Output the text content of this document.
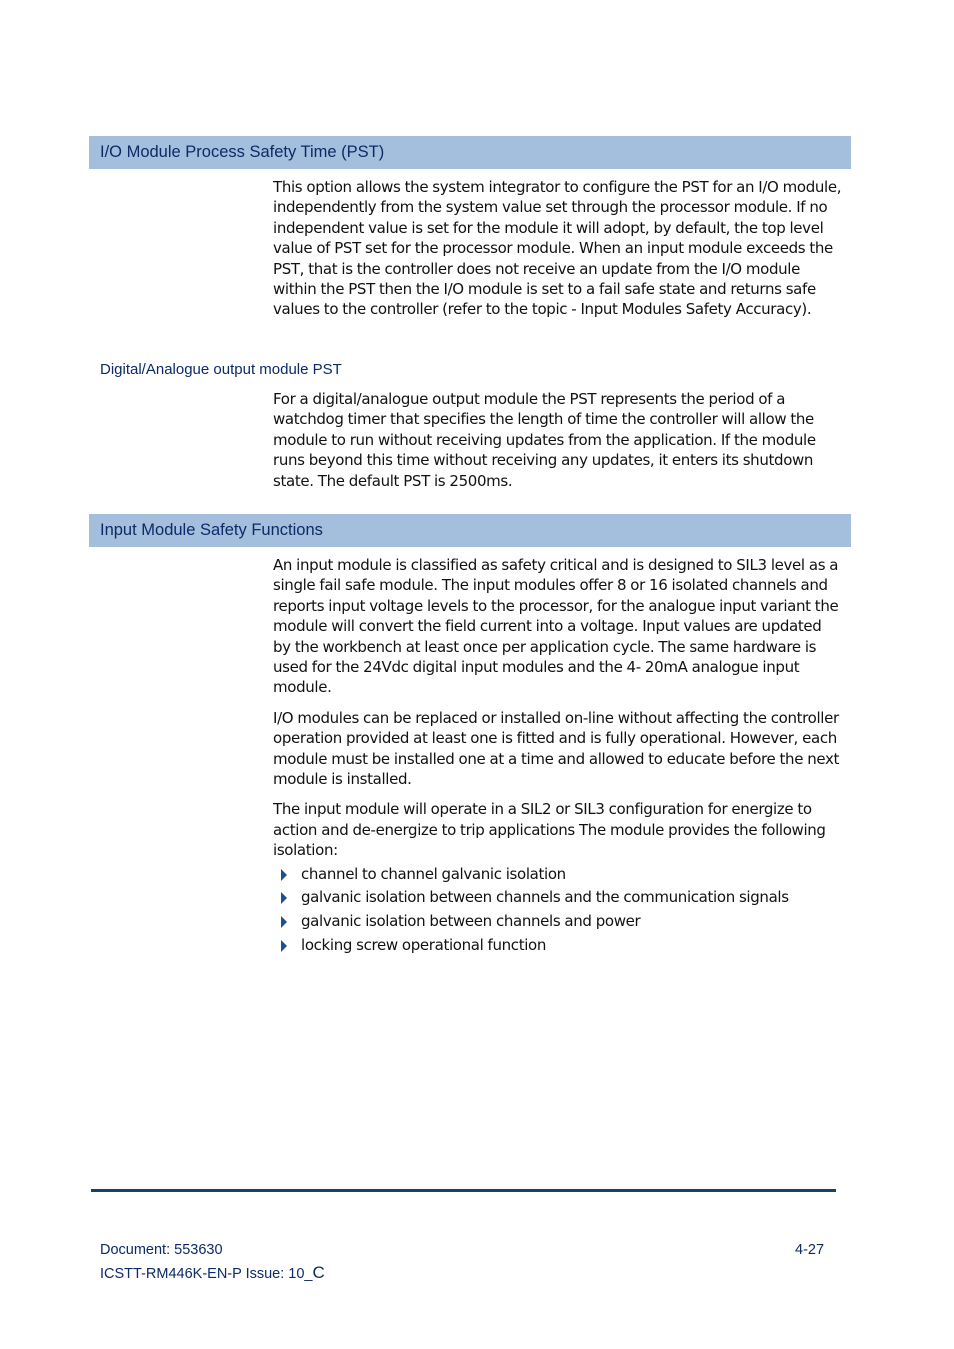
I/O Module Process Safety Time (PST)

This option allows the system integrator to configure the PST for an I/O module, independently from the system value set through the processor module. If no independent value is set for the module it will adopt, by default, the top level value of PST set for the processor module. When an input module exceeds the PST, that is the controller does not receive an update from the I/O module within the PST then the I/O module is set to a fail safe state and returns safe values to the controller (refer to the topic - Input Modules Safety Accuracy).

Digital/Analogue output module PST

For a digital/analogue output module the PST represents the period of a watchdog timer that specifies the length of time the controller will allow the module to run without receiving updates from the application. If the module runs beyond this time without receiving any updates, it enters its shutdown state. The default PST is 2500ms.

Input Module Safety Functions

An input module is classified as safety critical and is designed to SIL3 level as a single fail safe module. The input modules offer 8 or 16 isolated channels and reports input voltage levels to the processor, for the analogue input variant the module will convert the field current into a voltage. Input values are updated by the workbench at least once per application cycle. The same hardware is used for the 24Vdc digital input modules and the 4- 20mA analogue input module.

I/O modules can be replaced or installed on-line without affecting the controller operation provided at least one is fitted and is fully operational. However, each module must be installed one at a time and allowed to educate before the next module is installed.

The input module will operate in a SIL2 or SIL3 configuration for energize to action and de-energize to trip applications The module provides the following isolation:

channel to channel galvanic isolation
galvanic isolation between channels and the communication signals
galvanic isolation between channels and power
locking screw operational function
Document: 553630
ICSTT-RM446K-EN-P Issue: 10_C
4-27
